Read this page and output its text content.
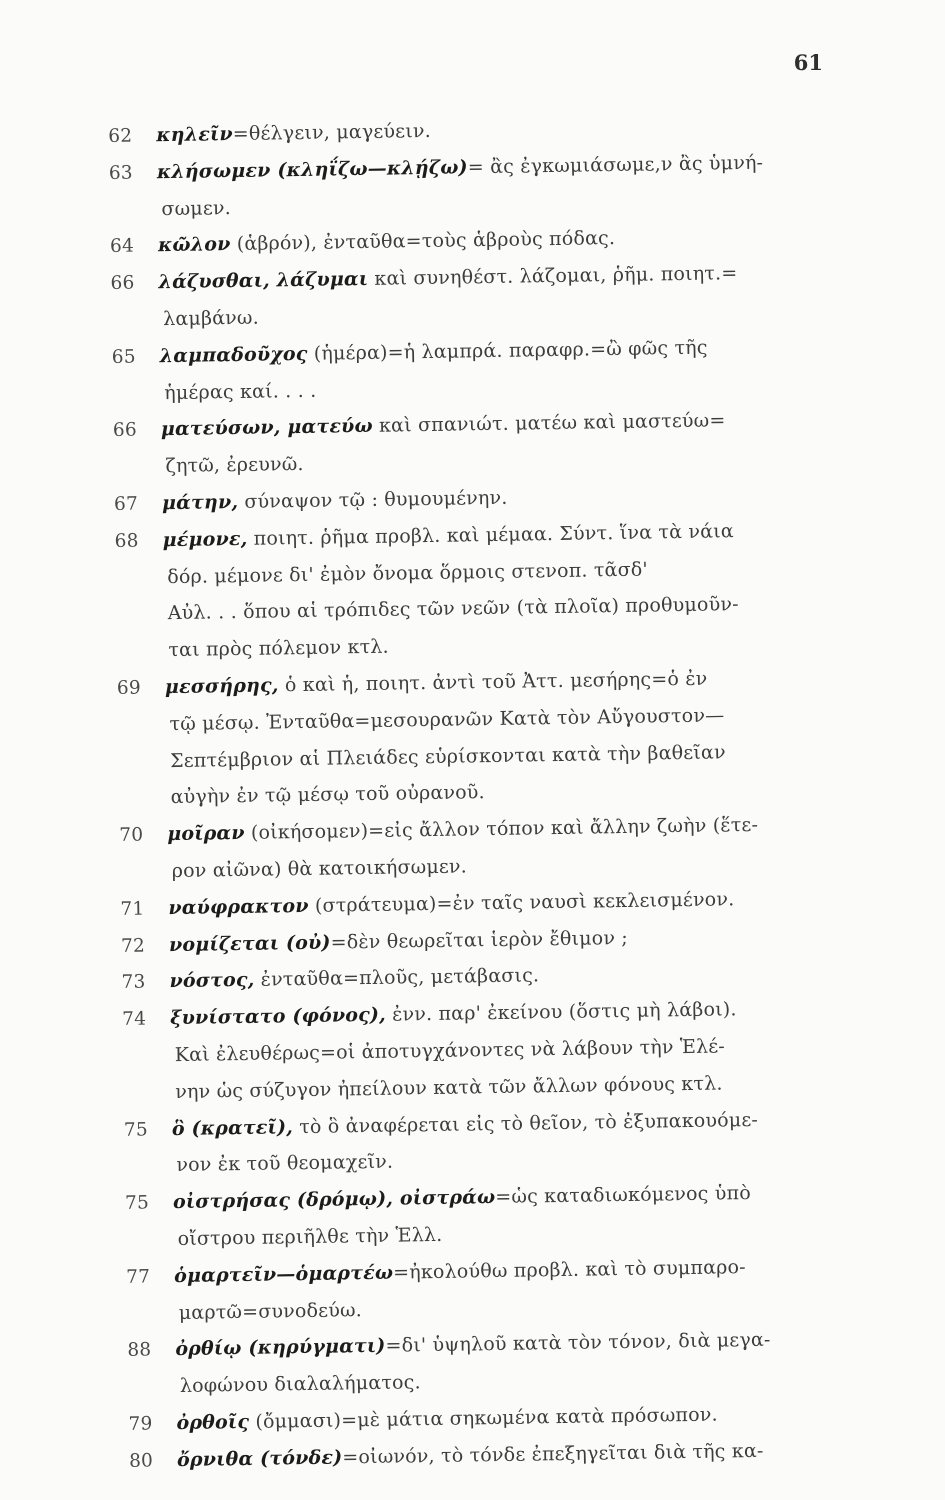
61
62 κηλεῖν=θέλγειν, μαγεύειν.
63 κλήσωμεν (κληΐζω—κλῄζω)= ἂς ἐγκωμιάσωμε,ν ἂς ὑμνή-
σωμεν.
64 κῶλον (ἁβρόν), ἐνταῦθα=τοὺς ἁβροὺς πόδας.
66 λάζυσθαι, λάζυμαι καὶ συνηθέστ. λάζομαι, ῥῆμ. ποιητ.=
λαμβάνω.
65 λαμπαδοῦχος (ἡμέρα)=ἡ λαμπρά. παραφρ.=ὢ φῶς τῆς
ἡμέρας καί. . . .
66 ματεύσων, ματεύω καὶ σπανιώτ. ματέω καὶ μαστεύω=
ζητῶ, ἐρευνῶ.
67 μάτην, σύναψον τῷ : θυμουμένην.
68 μέμονε, ποιητ. ῥῆμα προβλ. καὶ μέμαα. Σύντ. ἵνα τὰ νάια
δόρ. μέμονε δι' ἐμὸν ὄνομα ὅρμοις στενοπ. τᾶσδ'
Αὐλ. . . ὅπου αἱ τρόπιδες τῶν νεῶν (τὰ πλοῖα) προθυμοῦν-
ται πρὸς πόλεμον κτλ.
69 μεσσήρης, ὁ καὶ ἡ, ποιητ. ἀντὶ τοῦ Ἀττ. μεσήρης=ὁ ἐν
τῷ μέσῳ. Ἐνταῦθα=μεσουρανῶν Κατὰ τὸν Αὔγουστον—
Σεπτέμβριον αἱ Πλειάδες εὑρίσκονται κατὰ τὴν βαθεῖαν
αὐγὴν ἐν τῷ μέσῳ τοῦ οὐρανοῦ.
70 μοῖραν (οἰκήσομεν)=εἰς ἄλλον τόπον καὶ ἄλλην ζωὴν (ἕτε-
ρον αἰῶνα) θὰ κατοικήσωμεν.
71 ναύφρακτον (στράτευμα)=ἐν ταῖς ναυσὶ κεκλεισμένον.
72 νομίζεται (οὐ)=δὲν θεωρεῖται ἱερὸν ἔθιμον ;
73 νόστος, ἐνταῦθα=πλοῦς, μετάβασις.
74 ξυνίστατο (φόνος), ἐνν. παρ' ἐκείνου (ὅστις μὴ λάβοι).
Καὶ ἐλευθέρως=οἱ ἀποτυγχάνοντες νὰ λάβουν τὴν Ἑλέ-
νην ὡς σύζυγον ἠπείλουν κατὰ τῶν ἄλλων φόνους κτλ.
75 ὃ (κρατεῖ), τὸ ὃ ἀναφέρεται εἰς τὸ θεῖον, τὸ ἐξυπακουόμε-
νον ἐκ τοῦ θεομαχεῖν.
75 οἰστρήσας (δρόμῳ), οἰστράω=ὡς καταδιωκόμενος ὑπὸ
οἴστρου περιῆλθε τὴν Ἑλλ.
77 ὁμαρτεῖν—ὁμαρτέω=ἠκολούθω προβλ. καὶ τὸ συμπαρο-
μαρτῶ=συνοδεύω.
88 ὀρθίῳ (κηρύγματι)=δι' ὑψηλοῦ κατὰ τὸν τόνον, διὰ μεγα-
λοφώνου διαλαλήματος.
79 ὀρθοῖς (ὄμμασι)=μὲ μάτια σηκωμένα κατὰ πρόσωπον.
80 ὄρνιθα (τόνδε)=οἰωνόν, τὸ τόνδε ἐπεξηγεῖται διὰ τῆς κα-
